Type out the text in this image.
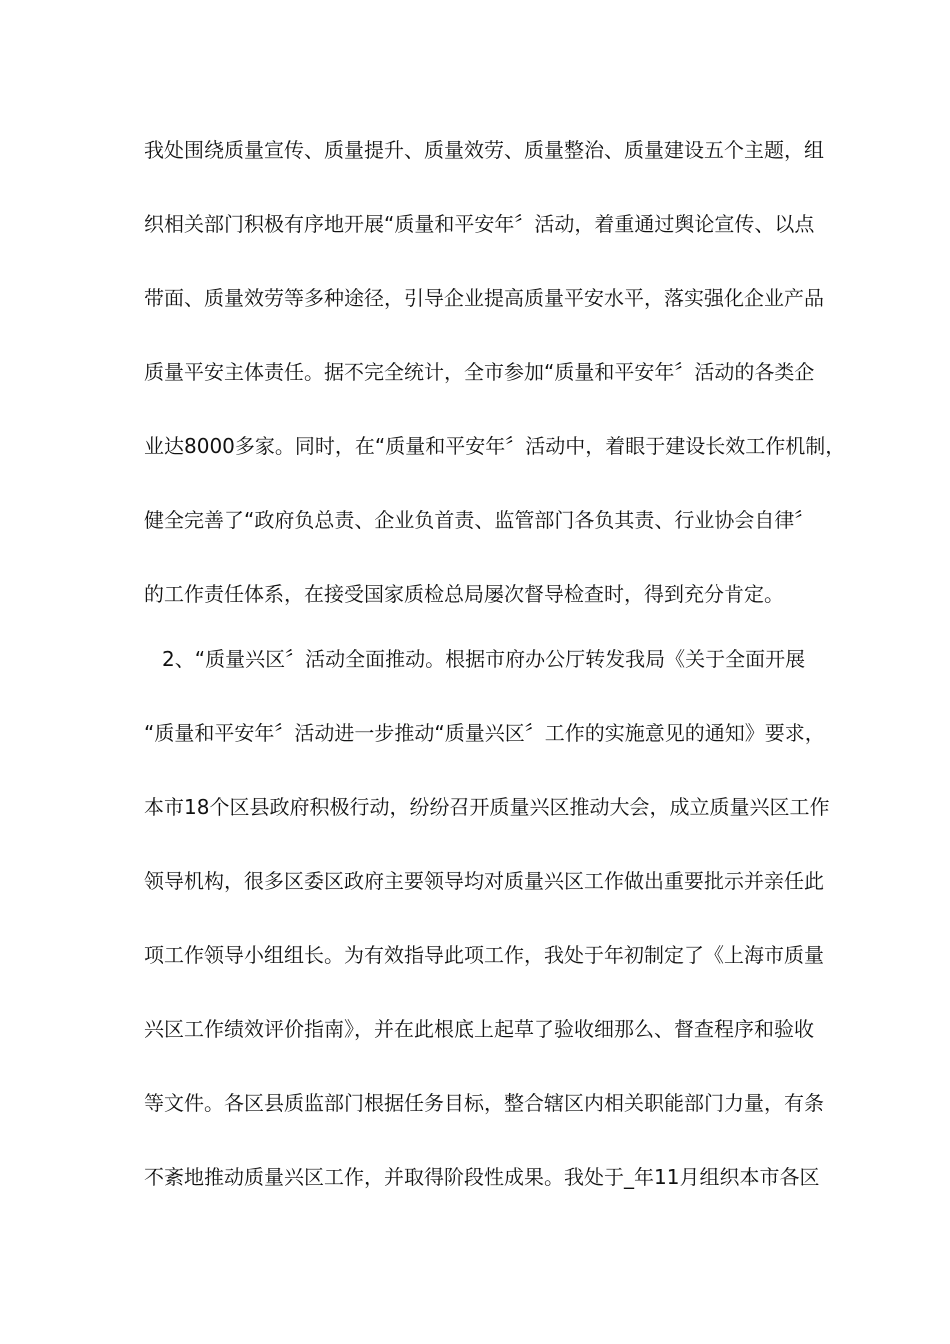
我处围绕质量宣传、质量提升、质量效劳、质量整治、质量建设五个主题，组
织相关部门积极有序地开展“质量和平安年〞活动，着重通过舆论宣传、以点
带面、质量效劳等多种途径，引导企业提高质量平安水平，落实强化企业产品
质量平安主体责任。据不完全统计，全市参加“质量和平安年〞活动的各类企
业达8000多家。同时，在“质量和平安年〞活动中，着眼于建设长效工作机制，
健全完善了“政府负总责、企业负首责、监管部门各负其责、行业协会自律〞
的工作责任体系，在接受国家质检总局屡次督导检查时，得到充分肯定。
2、“质量兴区〞活动全面推动。根据市府办公厅转发我局《关于全面开展
“质量和平安年〞活动进一步推动“质量兴区〞工作的实施意见的通知》要求，
本市18个区县政府积极行动，纷纷召开质量兴区推动大会，成立质量兴区工作
领导机构，很多区委区政府主要领导均对质量兴区工作做出重要批示并亲任此
项工作领导小组组长。为有效指导此项工作，我处于年初制定了《上海市质量
兴区工作绩效评价指南》，并在此根底上起草了验收细那么、督查程序和验收
等文件。各区县质监部门根据任务目标，整合辖区内相关职能部门力量，有条
不紊地推动质量兴区工作，并取得阶段性成果。我处于_年11月组织本市各区
